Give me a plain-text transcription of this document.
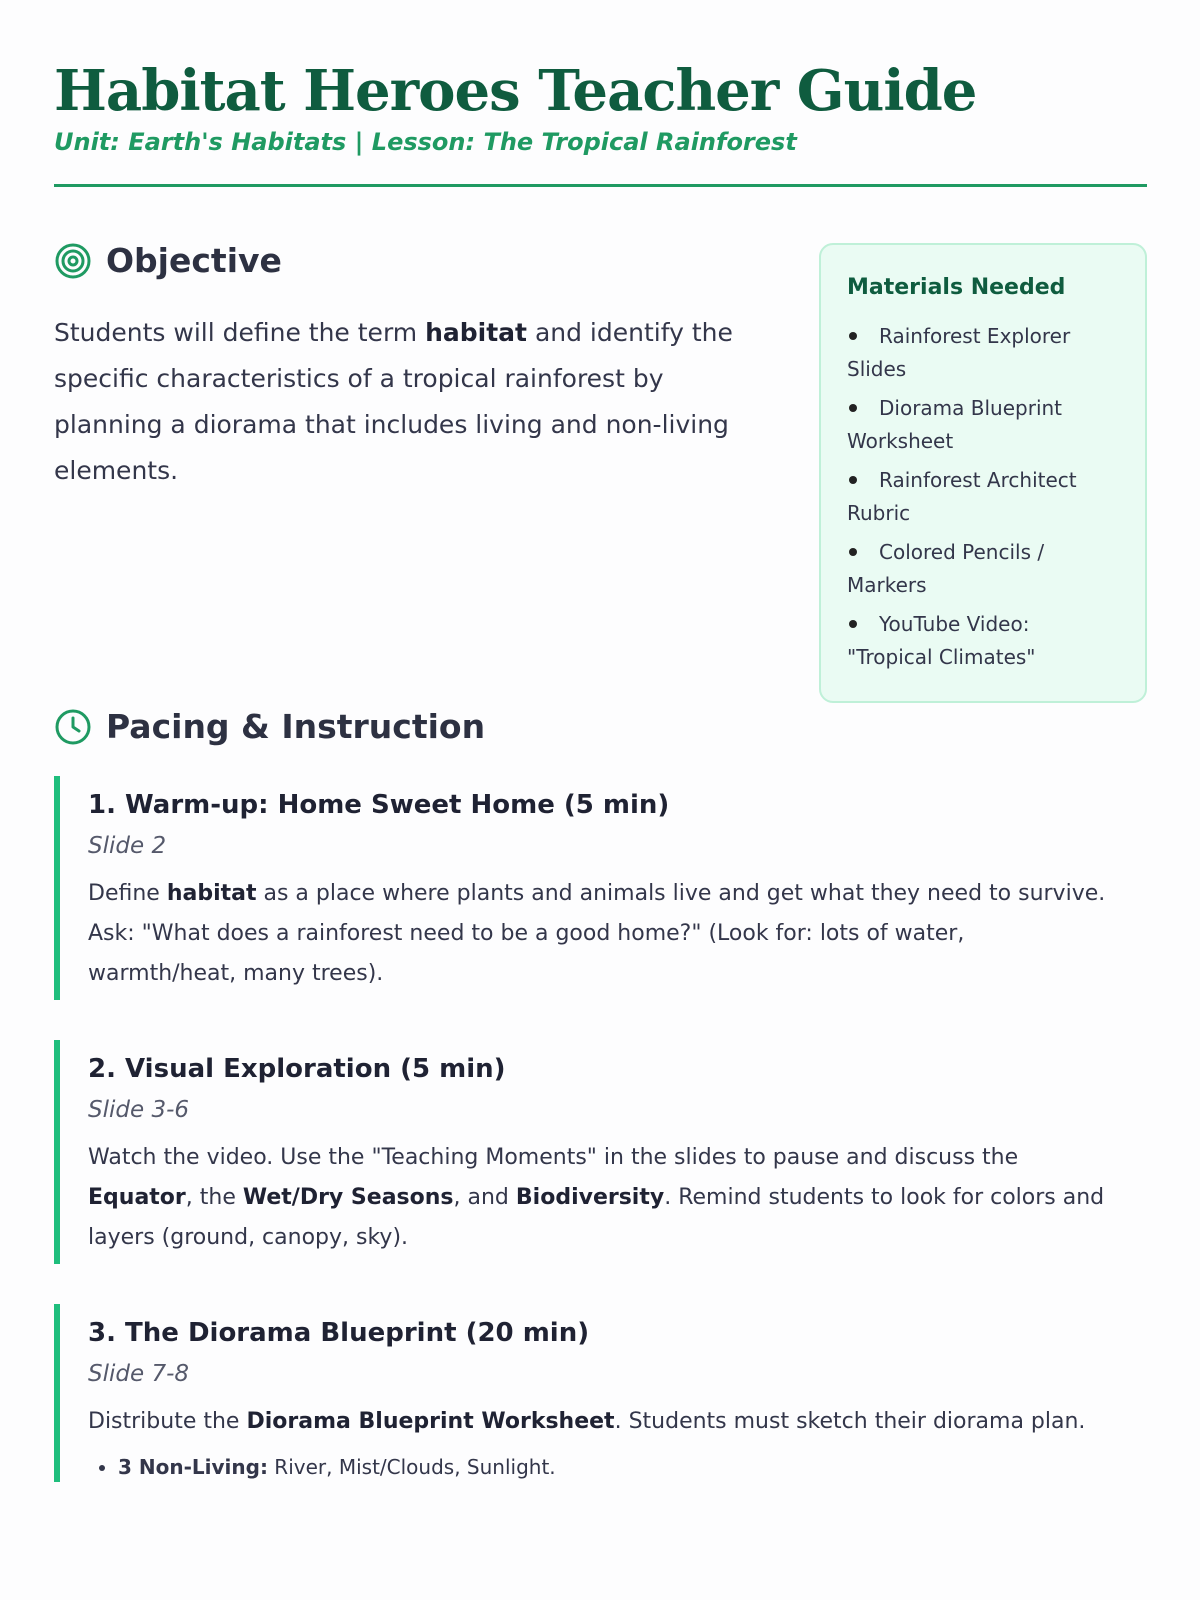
Habitat Heroes Teacher Guide
Unit: Earth's Habitats | Lesson: The Tropical Rainforest
Objective
Students will define the term habitat and identify the specific characteristics of a tropical rainforest by planning a diorama that includes living and non-living elements.
Materials Needed
Rainforest Explorer Slides
Diorama Blueprint Worksheet
Rainforest Architect Rubric
Colored Pencils / Markers
YouTube Video: "Tropical Climates"
Pacing & Instruction
1. Warm-up: Home Sweet Home (5 min)
Slide 2
Define habitat as a place where plants and animals live and get what they need to survive. Ask: "What does a rainforest need to be a good home?" (Look for: lots of water, warmth/heat, many trees).
2. Visual Exploration (5 min)
Slide 3-6
Watch the video. Use the "Teaching Moments" in the slides to pause and discuss the Equator, the Wet/Dry Seasons, and Biodiversity. Remind students to look for colors and layers (ground, canopy, sky).
3. The Diorama Blueprint (20 min)
Slide 7-8
Distribute the Diorama Blueprint Worksheet. Students must sketch their diorama plan.
• 3 Non-Living: River, Mist/Clouds, Sunlight.
